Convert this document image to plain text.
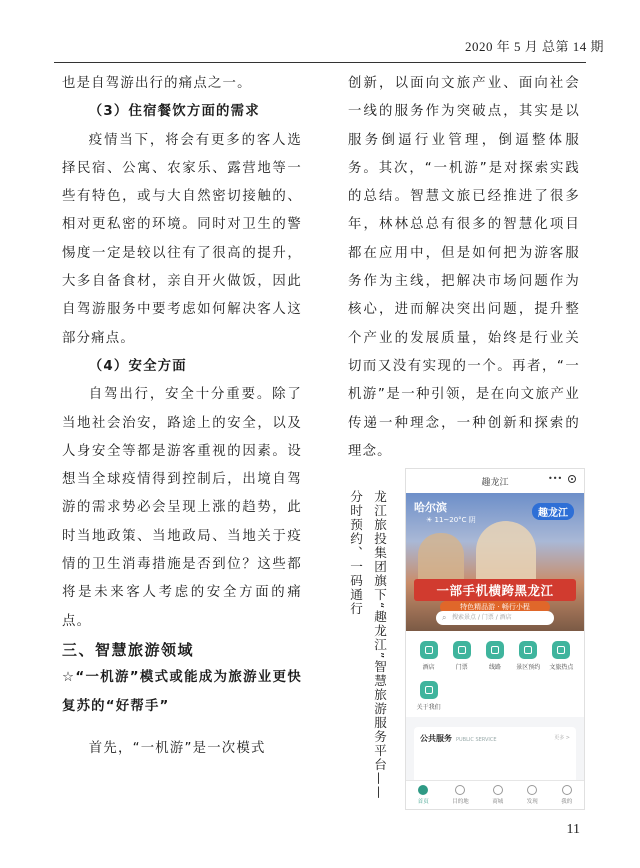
2020 年 5 月 总第 14 期

也是自驾游出行的痛点之一。

（3）住宿餐饮方面的需求

疫情当下，将会有更多的客人选择民宿、公寓、农家乐、露营地等一些有特色，或与大自然密切接触的、相对更私密的环境。同时对卫生的警惕度一定是较以往有了很高的提升，大多自备食材，亲自开火做饭，因此自驾游服务中要考虑如何解决客人这部分痛点。

（4）安全方面

自驾出行，安全十分重要。除了当地社会治安，路途上的安全，以及人身安全等都是游客重视的因素。设想当全球疫情得到控制后，出境自驾游的需求势必会呈现上涨的趋势，此时当地政策、当地政局、当地关于疫情的卫生消毒措施是否到位？这些都将是未来客人考虑的安全方面的痛点。

三、智慧旅游领域

☆“一机游”模式或能成为旅游业更快复苏的“好帮手”

首先，“一机游”是一次模式

创新，以面向文旅产业、面向社会一线的服务作为突破点，其实是以服务倒逼行业管理，倒逼整体服务。其次，“一机游”是对探索实践的总结。智慧文旅已经推进了很多年，林林总总有很多的智慧化项目都在应用中，但是如何把为游客服务作为主线，把解决市场问题作为核心，进而解决突出问题，提升整个产业的发展质量，始终是行业关切而又没有实现的一个。再者，“一机游”是一种引领，是在向文旅产业传递一种理念，一种创新和探索的理念。

龙江旅投集团旗下“趣龙江”智慧旅游服务平台——
分时预约、一码通行
趣龙江	•••
哈尔滨
☀ 11~20°C 阴
趣龙江
一部手机横跨黑龙江
特色精品游 · 畅行小程
⌕ 搜索景点 / 门票 / 酒店
酒店	门票	线路	景区预约 文旅热点
关于我们
公共服务 PUBLIC SERVICE	更多 >
首页	目的地	商城	发现	我的
11
